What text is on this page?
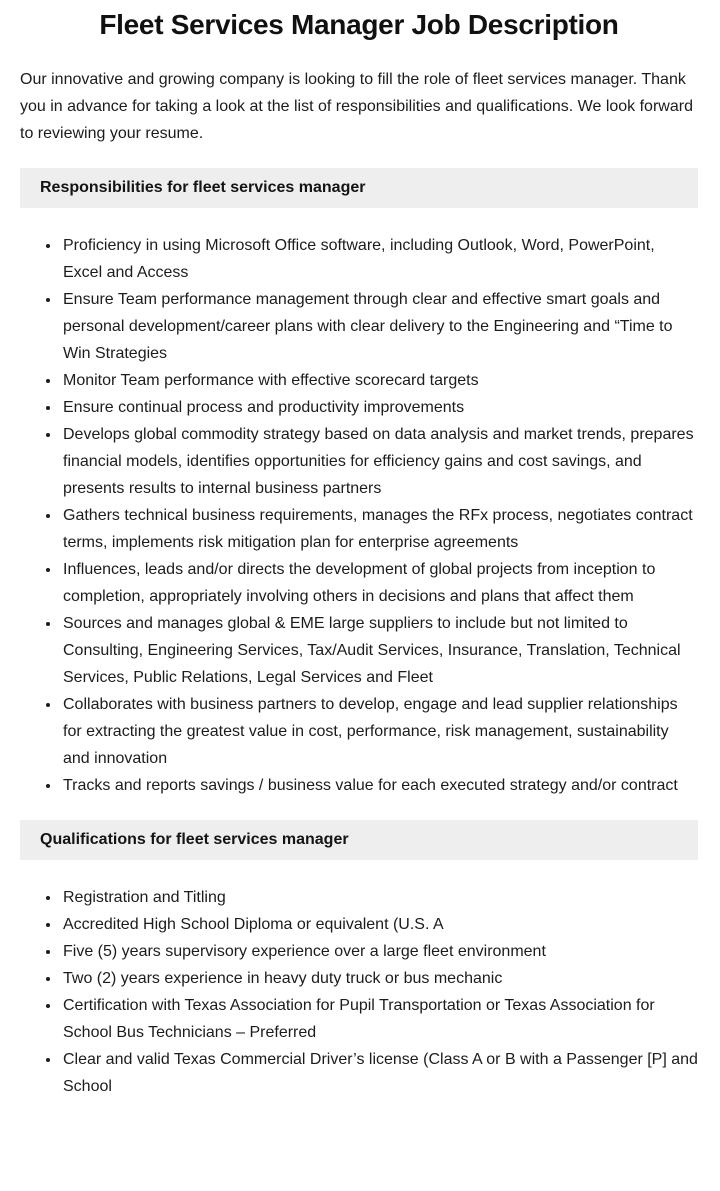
Fleet Services Manager Job Description

Our innovative and growing company is looking to fill the role of fleet services manager. Thank you in advance for taking a look at the list of responsibilities and qualifications. We look forward to reviewing your resume.

Responsibilities for fleet services manager
• Proficiency in using Microsoft Office software, including Outlook, Word, PowerPoint, Excel and Access
• Ensure Team performance management through clear and effective smart goals and personal development/career plans with clear delivery to the Engineering and “Time to Win Strategies
• Monitor Team performance with effective scorecard targets
• Ensure continual process and productivity improvements
• Develops global commodity strategy based on data analysis and market trends, prepares financial models, identifies opportunities for efficiency gains and cost savings, and presents results to internal business partners
• Gathers technical business requirements, manages the RFx process, negotiates contract terms, implements risk mitigation plan for enterprise agreements
• Influences, leads and/or directs the development of global projects from inception to completion, appropriately involving others in decisions and plans that affect them
• Sources and manages global & EME large suppliers to include but not limited to Consulting, Engineering Services, Tax/Audit Services, Insurance, Translation, Technical Services, Public Relations, Legal Services and Fleet
• Collaborates with business partners to develop, engage and lead supplier relationships for extracting the greatest value in cost, performance, risk management, sustainability and innovation
• Tracks and reports savings / business value for each executed strategy and/or contract
Qualifications for fleet services manager
• Registration and Titling
• Accredited High School Diploma or equivalent (U.S. A
• Five (5) years supervisory experience over a large fleet environment
• Two (2) years experience in heavy duty truck or bus mechanic
• Certification with Texas Association for Pupil Transportation or Texas Association for School Bus Technicians – Preferred
• Clear and valid Texas Commercial Driver’s license (Class A or B with a Passenger [P] and School
